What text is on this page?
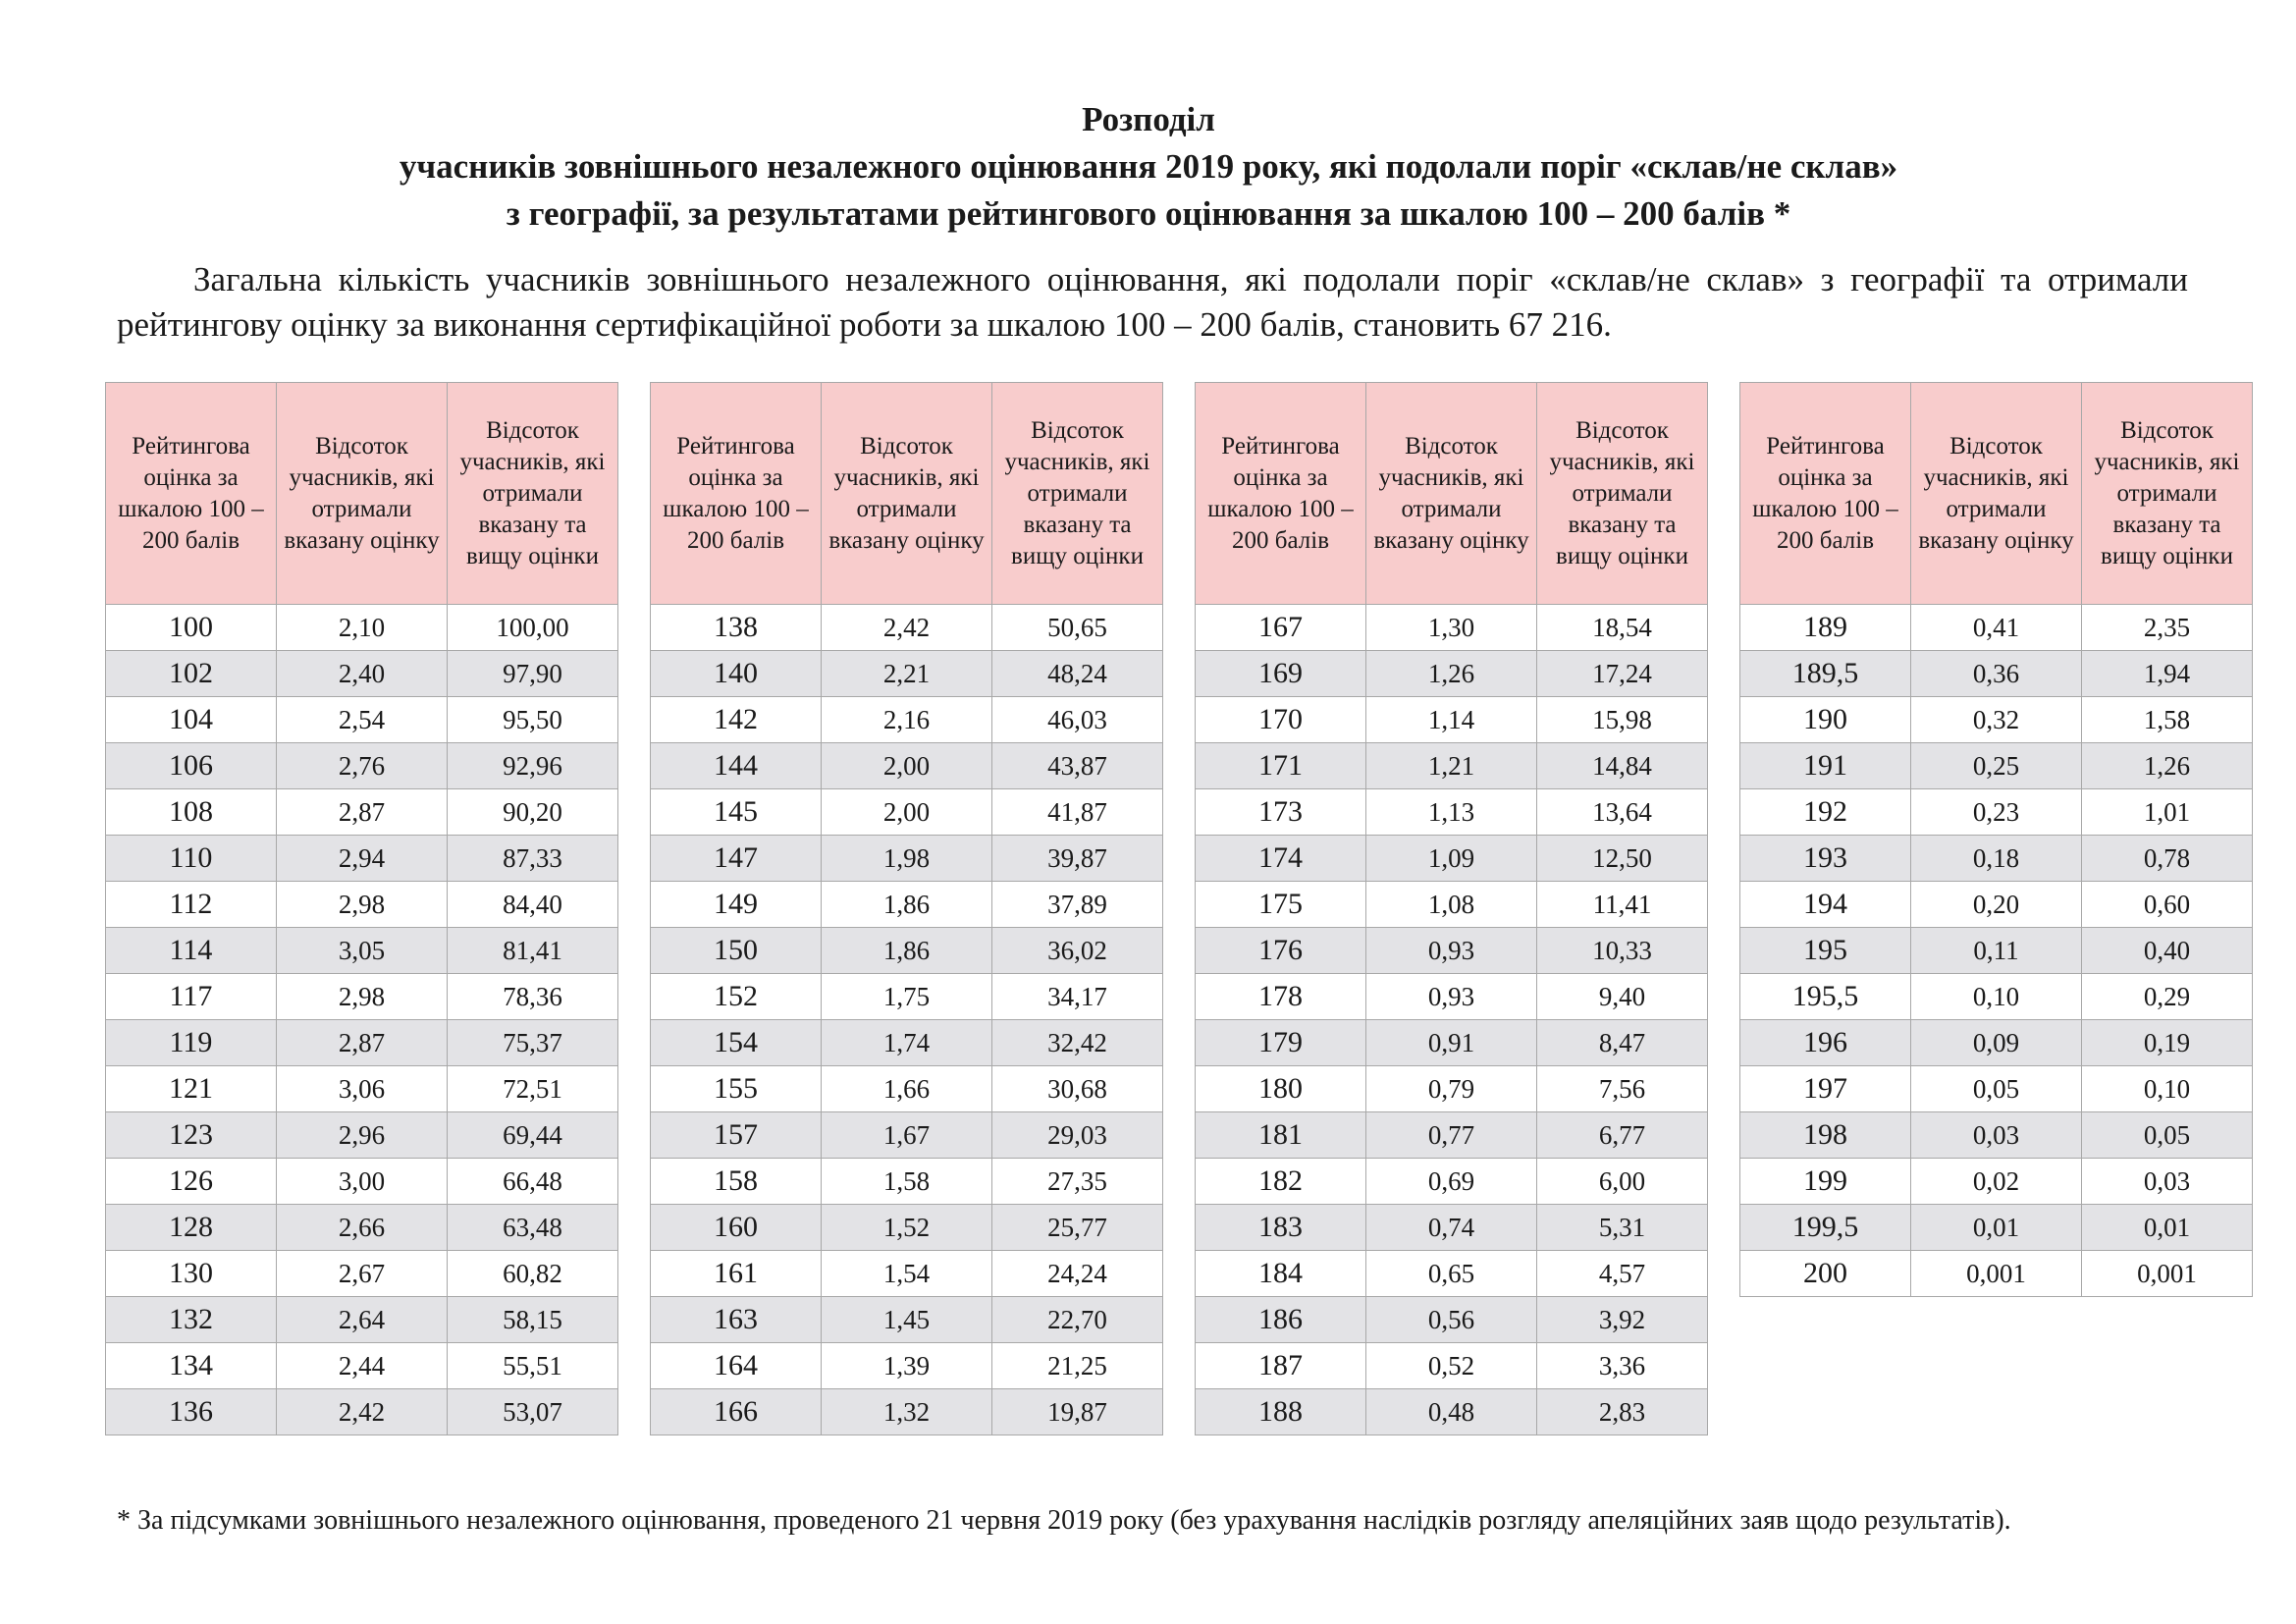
Розподіл
учасників зовнішнього незалежного оцінювання 2019 року, які подолали поріг «склав/не склав»
з географії, за результатами рейтингового оцінювання за шкалою 100 – 200 балів *

Загальна кількість учасників зовнішнього незалежного оцінювання, які подолали поріг «склав/не склав» з географії та отримали рейтингову оцінку за виконання сертифікаційної роботи за шкалою 100 – 200 балів, становить 67 216.

Рейтингова оцінка за шкалою 100 – 200 балів	Відсоток учасників, які отримали вказану оцінку	Відсоток учасників, які отримали вказану та вищу оцінки
100	2,10	100,00
102	2,40	97,90
104	2,54	95,50
106	2,76	92,96
108	2,87	90,20
110	2,94	87,33
112	2,98	84,40
114	3,05	81,41
117	2,98	78,36
119	2,87	75,37
121	3,06	72,51
123	2,96	69,44
126	3,00	66,48
128	2,66	63,48
130	2,67	60,82
132	2,64	58,15
134	2,44	55,51
136	2,42	53,07
Рейтингова оцінка за шкалою 100 – 200 балів	Відсоток учасників, які отримали вказану оцінку	Відсоток учасників, які отримали вказану та вищу оцінки
138	2,42	50,65
140	2,21	48,24
142	2,16	46,03
144	2,00	43,87
145	2,00	41,87
147	1,98	39,87
149	1,86	37,89
150	1,86	36,02
152	1,75	34,17
154	1,74	32,42
155	1,66	30,68
157	1,67	29,03
158	1,58	27,35
160	1,52	25,77
161	1,54	24,24
163	1,45	22,70
164	1,39	21,25
166	1,32	19,87
Рейтингова оцінка за шкалою 100 – 200 балів	Відсоток учасників, які отримали вказану оцінку	Відсоток учасників, які отримали вказану та вищу оцінки
167	1,30	18,54
169	1,26	17,24
170	1,14	15,98
171	1,21	14,84
173	1,13	13,64
174	1,09	12,50
175	1,08	11,41
176	0,93	10,33
178	0,93	9,40
179	0,91	8,47
180	0,79	7,56
181	0,77	6,77
182	0,69	6,00
183	0,74	5,31
184	0,65	4,57
186	0,56	3,92
187	0,52	3,36
188	0,48	2,83
Рейтингова оцінка за шкалою 100 – 200 балів	Відсоток учасників, які отримали вказану оцінку	Відсоток учасників, які отримали вказану та вищу оцінки
189	0,41	2,35
189,5	0,36	1,94
190	0,32	1,58
191	0,25	1,26
192	0,23	1,01
193	0,18	0,78
194	0,20	0,60
195	0,11	0,40
195,5	0,10	0,29
196	0,09	0,19
197	0,05	0,10
198	0,03	0,05
199	0,02	0,03
199,5	0,01	0,01
200	0,001	0,001
* За підсумками зовнішнього незалежного оцінювання, проведеного 21 червня 2019 року (без урахування наслідків розгляду апеляційних заяв щодо результатів).
